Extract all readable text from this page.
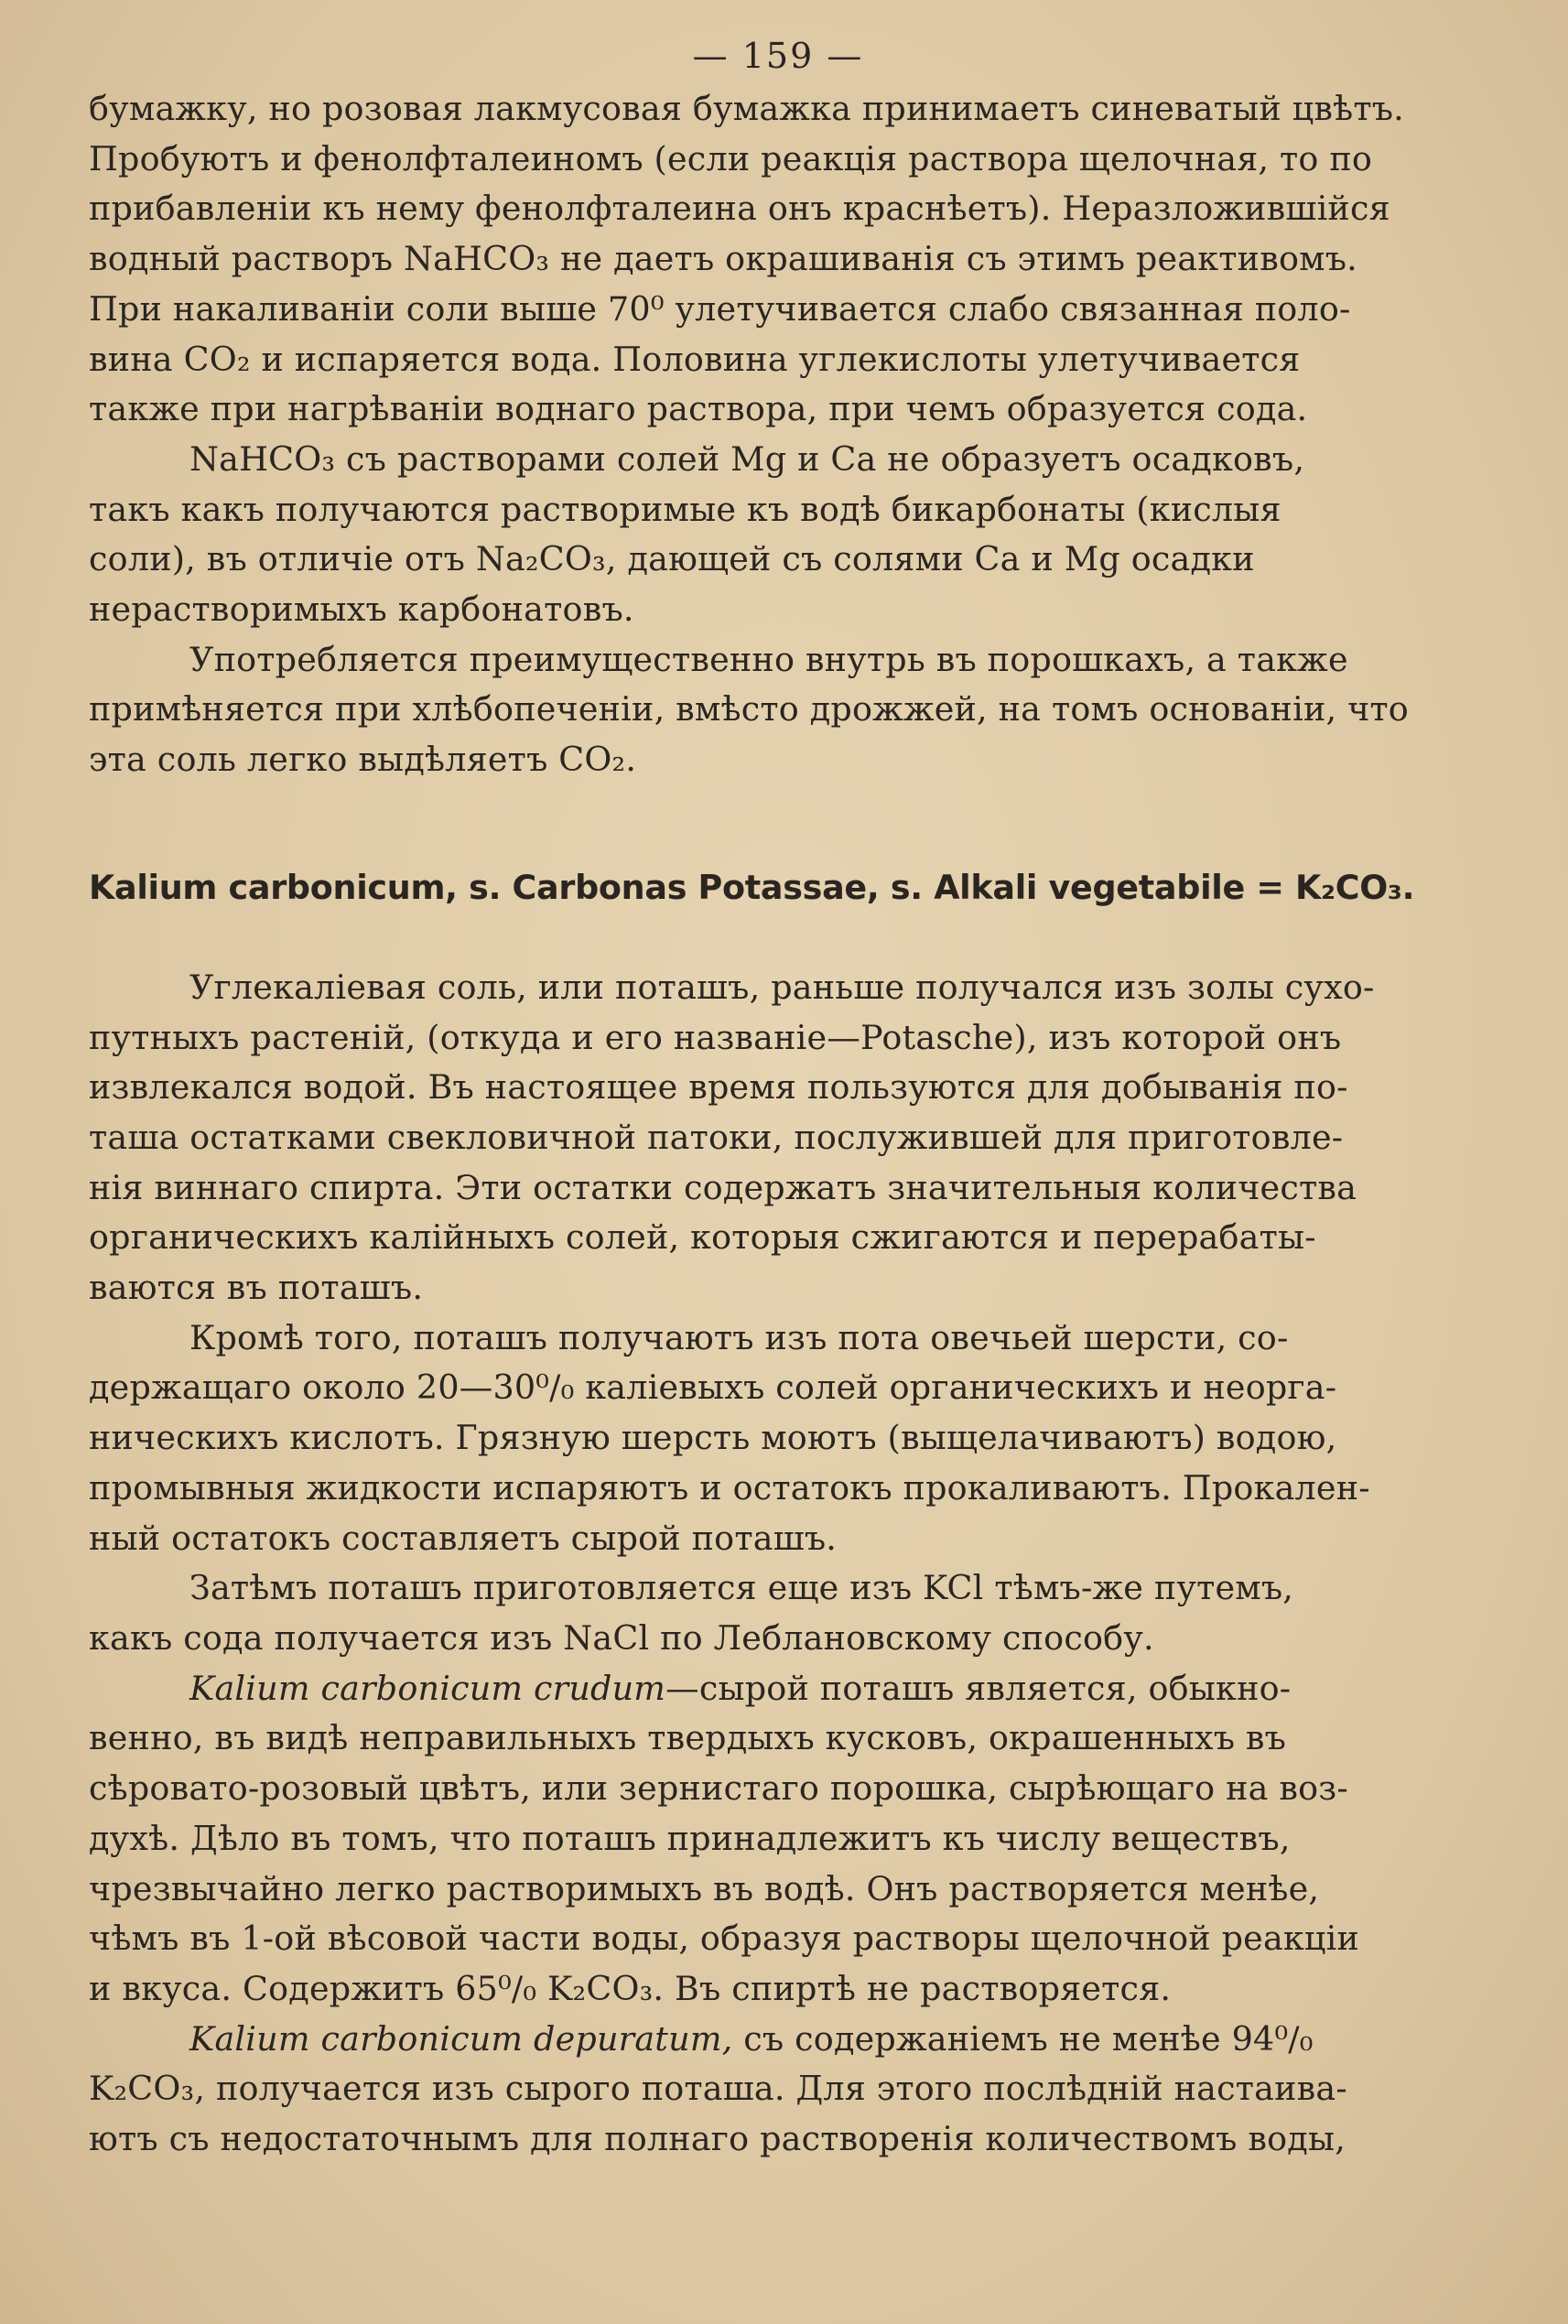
— 159 —

бумажку, но розовая лакмусовая бумажка принимаетъ синеватый цвѣтъ.
Пробуютъ и фенолфталеиномъ (если реакція раствора щелочная, то по
прибавленіи къ нему фенолфталеина онъ краснѣетъ). Неразложившійся
водный растворъ NaHCO₃ не даетъ окрашиванія съ этимъ реактивомъ.
При накаливаніи соли выше 70⁰ улетучивается слабо связанная поло-
вина CO₂ и испаряется вода. Половина углекислоты улетучивается
также при нагрѣваніи воднаго раствора, при чемъ образуется сода.

NaHCO₃ съ растворами солей Mg и Ca не образуетъ осадковъ,
такъ какъ получаются растворимые къ водѣ бикарбонаты (кислыя
соли), въ отличіе отъ Na₂CO₃, дающей съ солями Ca и Mg осадки
нерастворимыхъ карбонатовъ.

Употребляется преимущественно внутрь въ порошкахъ, а также
примѣняется при хлѣбопеченіи, вмѣсто дрожжей, на томъ основаніи, что
эта соль легко выдѣляетъ CO₂.

Kalium carbonicum, s. Carbonas Potassae, s. Alkali vegetabile = K₂CO₃.

Углекаліевая соль, или поташъ, раньше получался изъ золы сухо-
путныхъ растеній, (откуда и его названіе—Potasche), изъ которой онъ
извлекался водой. Въ настоящее время пользуются для добыванія по-
таша остатками свекловичной патоки, послужившей для приготовле-
нія виннаго спирта. Эти остатки содержатъ значительныя количества
органическихъ калійныхъ солей, которыя сжигаются и перерабаты-
ваются въ поташъ.

Кромѣ того, поташъ получаютъ изъ пота овечьей шерсти, со-
держащаго около 20—30⁰/₀ каліевыхъ солей органическихъ и неорга-
ническихъ кислотъ. Грязную шерсть моютъ (выщелачиваютъ) водою,
промывныя жидкости испаряютъ и остатокъ прокаливаютъ. Прокален-
ный остатокъ составляетъ сырой поташъ.

Затѣмъ поташъ приготовляется еще изъ KCl тѣмъ-же путемъ,
какъ сода получается изъ NaCl по Леблановскому способу.

Kalium carbonicum crudum—сырой поташъ является, обыкно-
венно, въ видѣ неправильныхъ твердыхъ кусковъ, окрашенныхъ въ
сѣровато-розовый цвѣтъ, или зернистаго порошка, сырѣющаго на воз-
духѣ. Дѣло въ томъ, что поташъ принадлежитъ къ числу веществъ,
чрезвычайно легко растворимыхъ въ водѣ. Онъ растворяется менѣе,
чѣмъ въ 1-ой вѣсовой части воды, образуя растворы щелочной реакціи
и вкуса. Содержитъ 65⁰/₀ K₂CO₃. Въ спиртѣ не растворяется.

Kalium carbonicum depuratum, съ содержаніемъ не менѣе 94⁰/₀
K₂CO₃, получается изъ сырого поташа. Для этого послѣдній настаива-
ютъ съ недостаточнымъ для полнаго растворенія количествомъ воды,
